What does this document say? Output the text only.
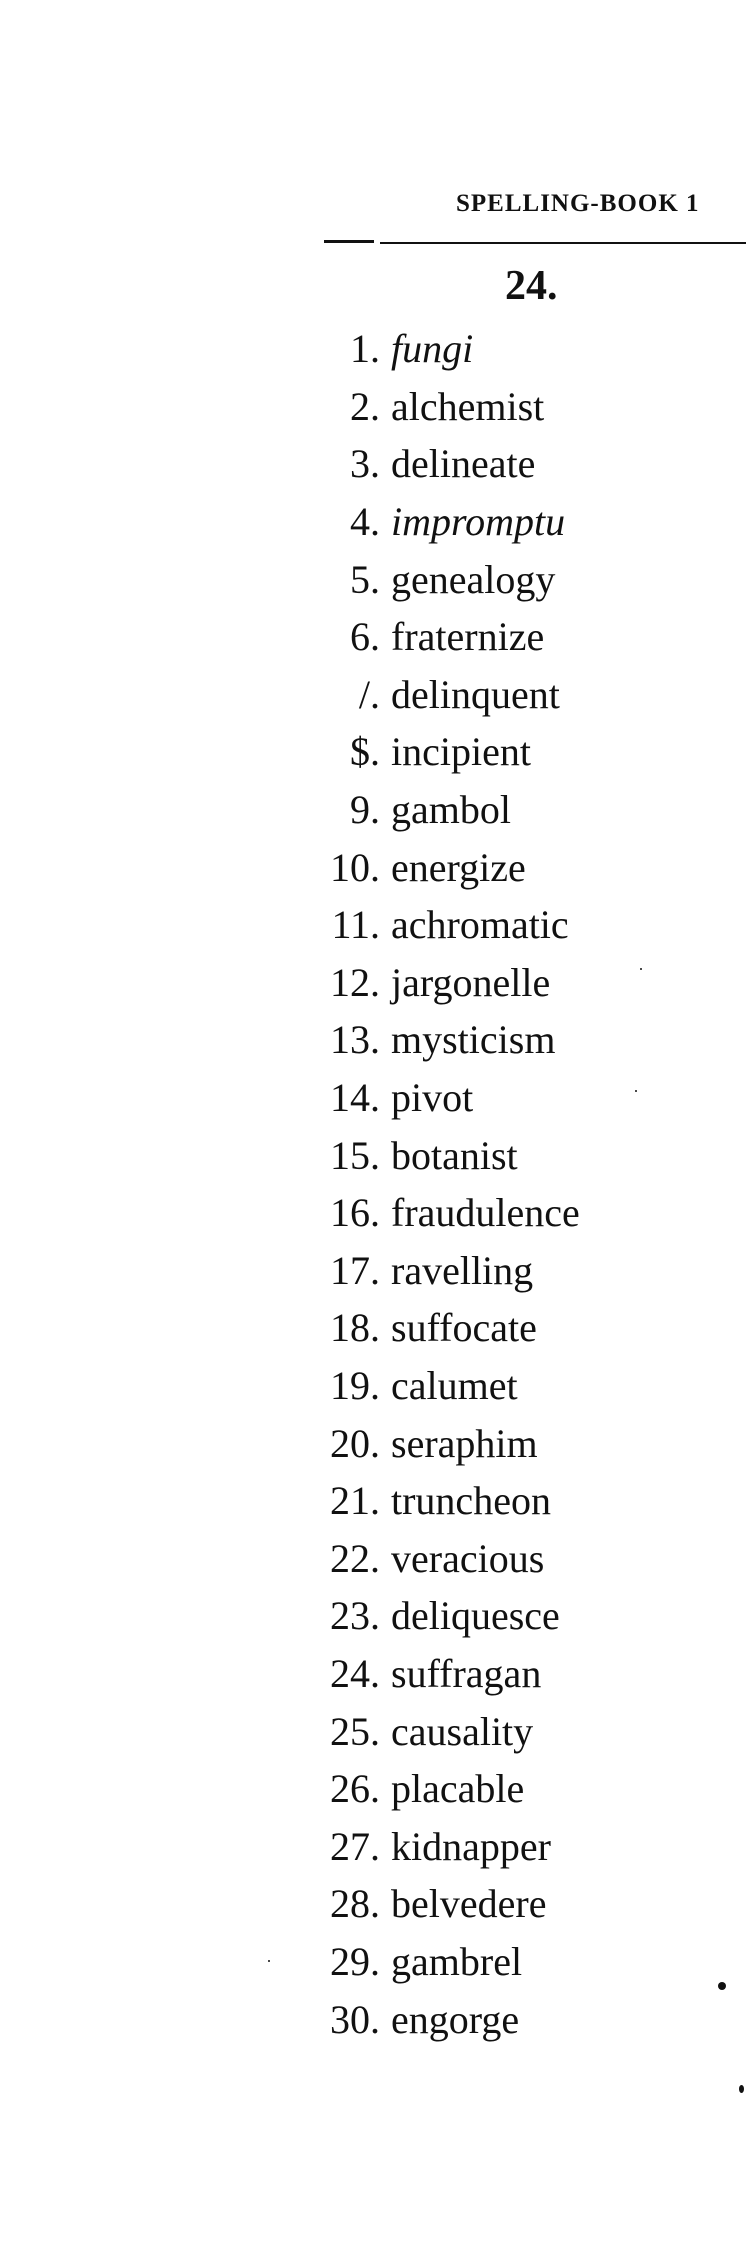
SPELLING-BOOK 1
24.
1. fungi
2. alchemist
3. delineate
4. impromptu
5. genealogy
6. fraternize
/. delinquent
$. incipient
9. gambol
10. energize
11. achromatic
12. jargonelle
13. mysticism
14. pivot
15. botanist
16. fraudulence
17. ravelling
18. suffocate
19. calumet
20. seraphim
21. truncheon
22. veracious
23. deliquesce
24. suffragan
25. causality
26. placable
27. kidnapper
28. belvedere
29. gambrel
30. engorge
